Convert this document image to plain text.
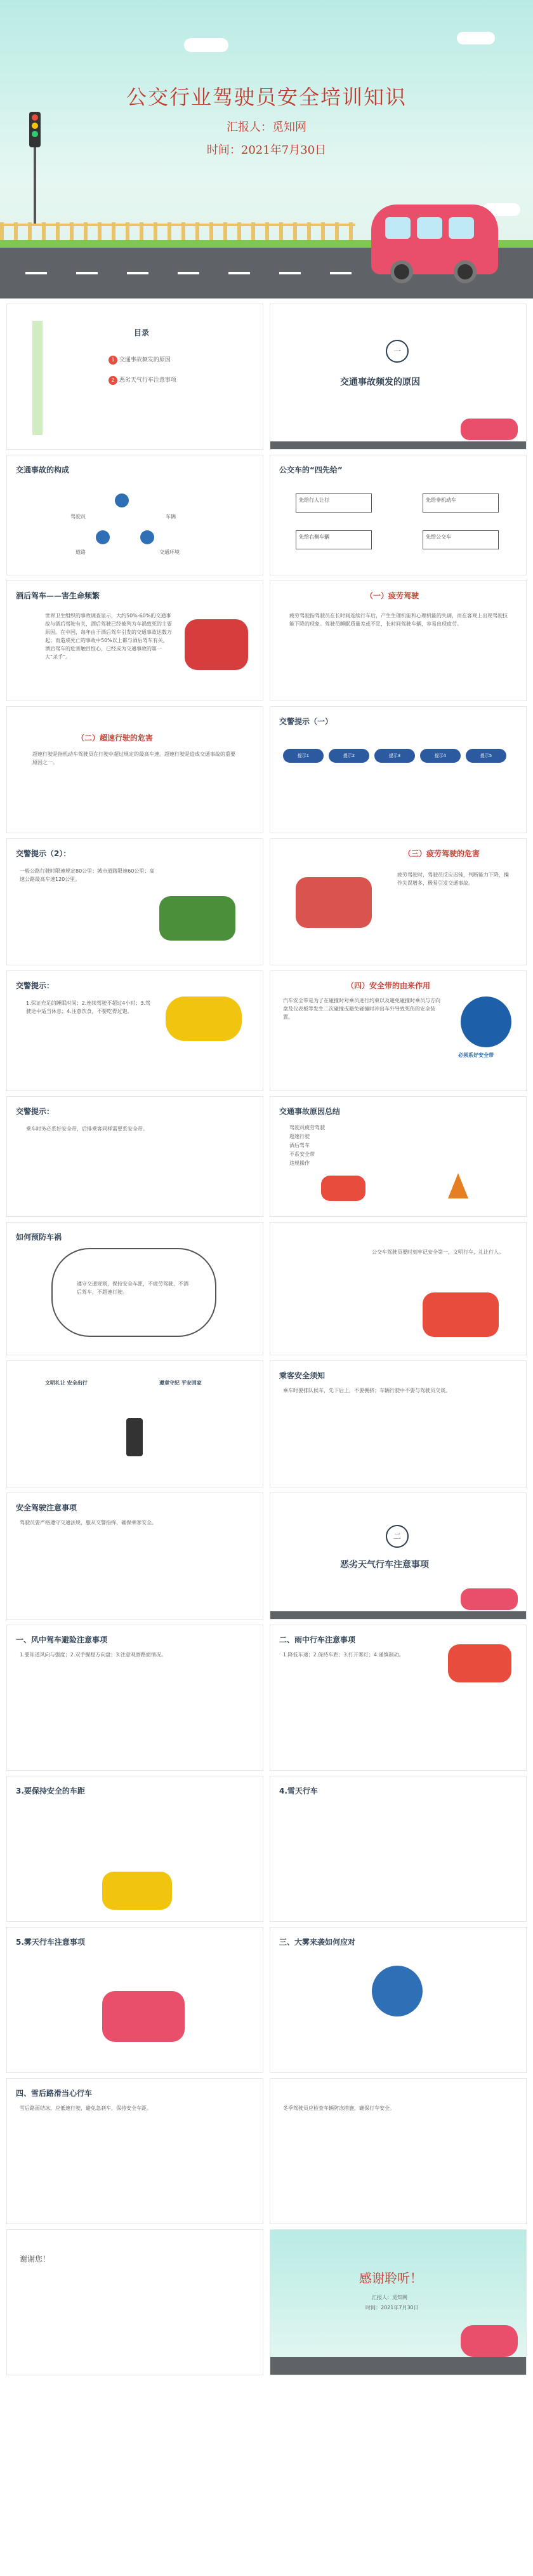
公交行业驾驶员安全培训知识
汇报人：觅知网
时间：2021年7月30日
目录
1 交通事故频发的原因
2 恶劣天气行车注意事项
一
交通事故频发的原因
交通事故的构成
驾驶员	车辆
道路	交通环境
公交车的“四先给”
先给行人让行	先给非机动车
先给右侧车辆	先给公交车
酒后驾车——害生命频繁
世界卫生组织的事故调查显示，大约50%-60%的交通事故与酒后驾驶有关，酒后驾驶已经被列为车祸致死的主要原因。在中国，每年由于酒后驾车引发的交通事故达数万起；而造成死亡的事故中50%以上都与酒后驾车有关，酒后驾车的危害触目惊心，已经成为交通事故的第一大“杀手”。
（一）疲劳驾驶
疲劳驾驶指驾驶员在长时间连续行车后，产生生理机能和心理机能的失调，而在客观上出现驾驶技能下降的现象。驾驶员睡眠质量差或不足，长时间驾驶车辆，容易出现疲劳。
（二）超速行驶的危害
超速行驶是指机动车驾驶员在行驶中超过规定的最高车速。超速行驶是造成交通事故的重要原因之一。
交警提示（一）
提示1	提示2	提示3	提示4	提示5
交警提示（2）：
一般公路行驶时限速规定80公里；城市道路限速60公里；高速公路最高车速120公里。
（三）疲劳驾驶的危害
疲劳驾驶时，驾驶员反应迟钝，判断能力下降，操作失误增多，极易引发交通事故。
交警提示：
1.保证充足的睡眠时间；2.连续驾驶不超过4小时；3.驾驶途中适当休息；4.注意饮食，不要吃得过饱。
（四）安全带的由来作用
汽车安全带是为了在碰撞时对乘员进行约束以及避免碰撞时乘员与方向盘及仪表板等发生二次碰撞或避免碰撞时冲出车外导致死伤的安全装置。
必须系好安全带
交警提示：
乘车时务必系好安全带，后排乘客同样需要系安全带。
交通事故原因总结
驾驶员疲劳驾驶
超速行驶
酒后驾车
不系安全带
违规操作
如何预防车祸
遵守交通规则，保持安全车距，不疲劳驾驶，不酒后驾车，不超速行驶。
公交车驾驶员要时刻牢记安全第一，文明行车，礼让行人。
文明礼让 安全出行	遵章守纪 平安回家
乘客安全须知
乘车时要排队候车，先下后上，不要拥挤；车辆行驶中不要与驾驶员交谈。
安全驾驶注意事项
驾驶员要严格遵守交通法规，服从交警指挥，确保乘客安全。
二
恶劣天气行车注意事项
一、风中驾车避险注意事项
1.要知道风向与强度；2.双手握稳方向盘；3.注意观察路面情况。
二、雨中行车注意事项
1.降低车速；2.保持车距；3.打开雾灯；4.谨慎制动。
3.要保持安全的车距	4.雪天行车
5.雾天行车注意事项	三、大雾来袭如何应对
四、雪后路滑当心行车
雪后路面结冰，应低速行驶，避免急刹车，保持安全车距。	冬季驾驶员应检查车辆防冻措施，确保行车安全。
谢谢您！
感谢聆听！
汇报人：觅知网
时间：2021年7月30日
